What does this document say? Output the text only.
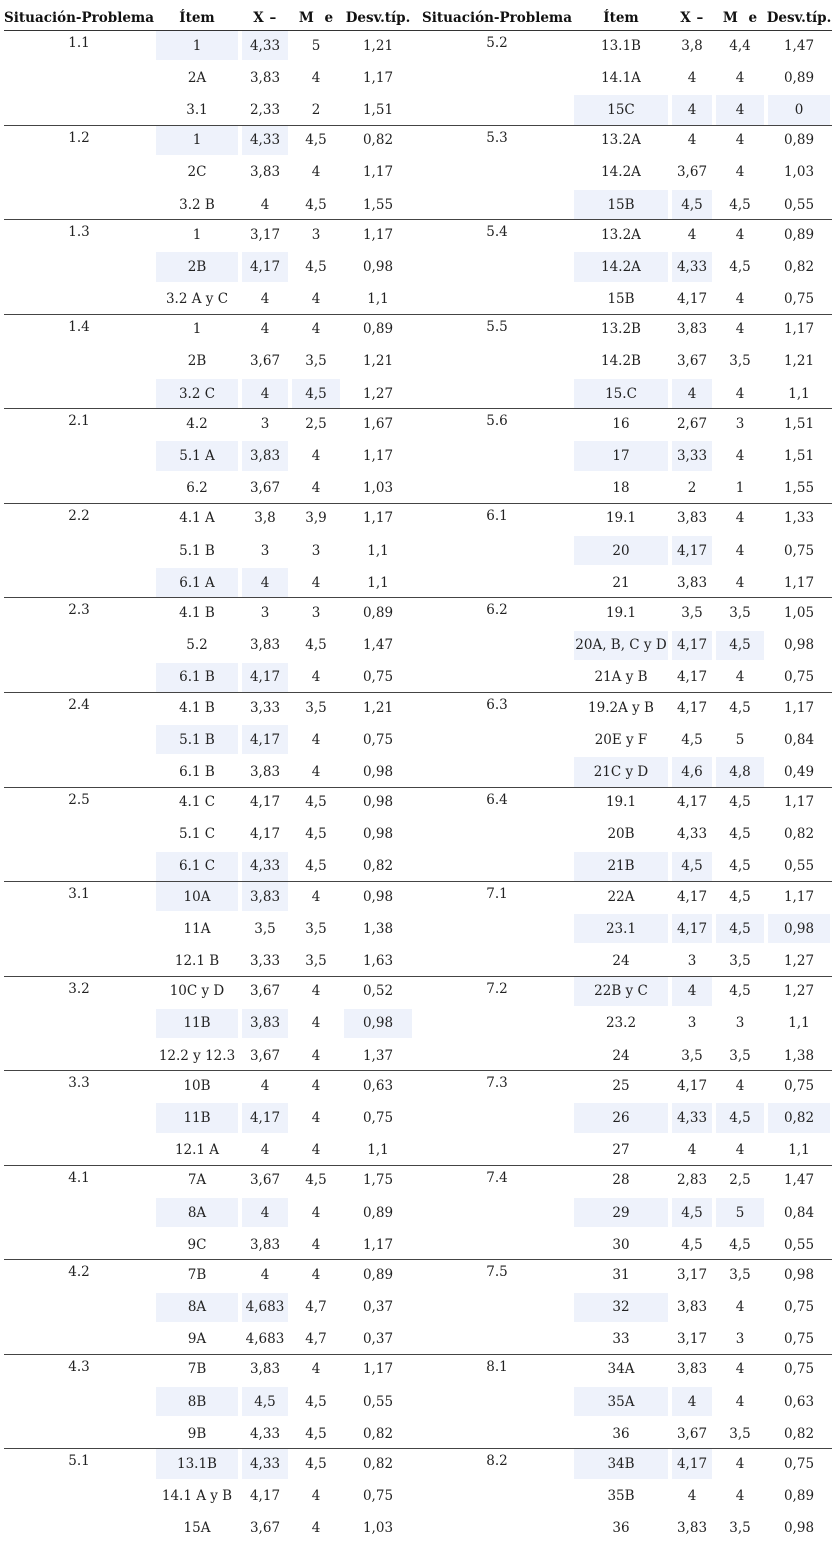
Situación-Problema	Ítem	X –	M e	Desv.típ.		Situación-Problema	Ítem	X –	M e	Desv.típ.
1.1	1	4,33	5	1,21		5.2	13.1B	3,8	4,4	1,47
	2A	3,83	4	1,17			14.1A	4	4	0,89
	3.1	2,33	2	1,51			15C	4	4	0
1.2	1	4,33	4,5	0,82		5.3	13.2A	4	4	0,89
	2C	3,83	4	1,17			14.2A	3,67	4	1,03
	3.2 B	4	4,5	1,55			15B	4,5	4,5	0,55
1.3	1	3,17	3	1,17		5.4	13.2A	4	4	0,89
	2B	4,17	4,5	0,98			14.2A	4,33	4,5	0,82
	3.2 A y C	4	4	1,1			15B	4,17	4	0,75
1.4	1	4	4	0,89		5.5	13.2B	3,83	4	1,17
	2B	3,67	3,5	1,21			14.2B	3,67	3,5	1,21
	3.2 C	4	4,5	1,27			15.C	4	4	1,1
2.1	4.2	3	2,5	1,67		5.6	16	2,67	3	1,51
	5.1 A	3,83	4	1,17			17	3,33	4	1,51
	6.2	3,67	4	1,03			18	2	1	1,55
2.2	4.1 A	3,8	3,9	1,17		6.1	19.1	3,83	4	1,33
	5.1 B	3	3	1,1			20	4,17	4	0,75
	6.1 A	4	4	1,1			21	3,83	4	1,17
2.3	4.1 B	3	3	0,89		6.2	19.1	3,5	3,5	1,05
	5.2	3,83	4,5	1,47			20A, B, C y D	4,17	4,5	0,98
	6.1 B	4,17	4	0,75			21A y B	4,17	4	0,75
2.4	4.1 B	3,33	3,5	1,21		6.3	19.2A y B	4,17	4,5	1,17
	5.1 B	4,17	4	0,75			20E y F	4,5	5	0,84
	6.1 B	3,83	4	0,98			21C y D	4,6	4,8	0,49
2.5	4.1 C	4,17	4,5	0,98		6.4	19.1	4,17	4,5	1,17
	5.1 C	4,17	4,5	0,98			20B	4,33	4,5	0,82
	6.1 C	4,33	4,5	0,82			21B	4,5	4,5	0,55
3.1	10A	3,83	4	0,98		7.1	22A	4,17	4,5	1,17
	11A	3,5	3,5	1,38			23.1	4,17	4,5	0,98
	12.1 B	3,33	3,5	1,63			24	3	3,5	1,27
3.2	10C y D	3,67	4	0,52		7.2	22B y C	4	4,5	1,27
	11B	3,83	4	0,98			23.2	3	3	1,1
	12.2 y 12.3	3,67	4	1,37			24	3,5	3,5	1,38
3.3	10B	4	4	0,63		7.3	25	4,17	4	0,75
	11B	4,17	4	0,75			26	4,33	4,5	0,82
	12.1 A	4	4	1,1			27	4	4	1,1
4.1	7A	3,67	4,5	1,75		7.4	28	2,83	2,5	1,47
	8A	4	4	0,89			29	4,5	5	0,84
	9C	3,83	4	1,17			30	4,5	4,5	0,55
4.2	7B	4	4	0,89		7.5	31	3,17	3,5	0,98
	8A	4,683	4,7	0,37			32	3,83	4	0,75
	9A	4,683	4,7	0,37			33	3,17	3	0,75
4.3	7B	3,83	4	1,17		8.1	34A	3,83	4	0,75
	8B	4,5	4,5	0,55			35A	4	4	0,63
	9B	4,33	4,5	0,82			36	3,67	3,5	0,82
5.1	13.1B	4,33	4,5	0,82		8.2	34B	4,17	4	0,75
	14.1 A y B	4,17	4	0,75			35B	4	4	0,89
	15A	3,67	4	1,03			36	3,83	3,5	0,98
